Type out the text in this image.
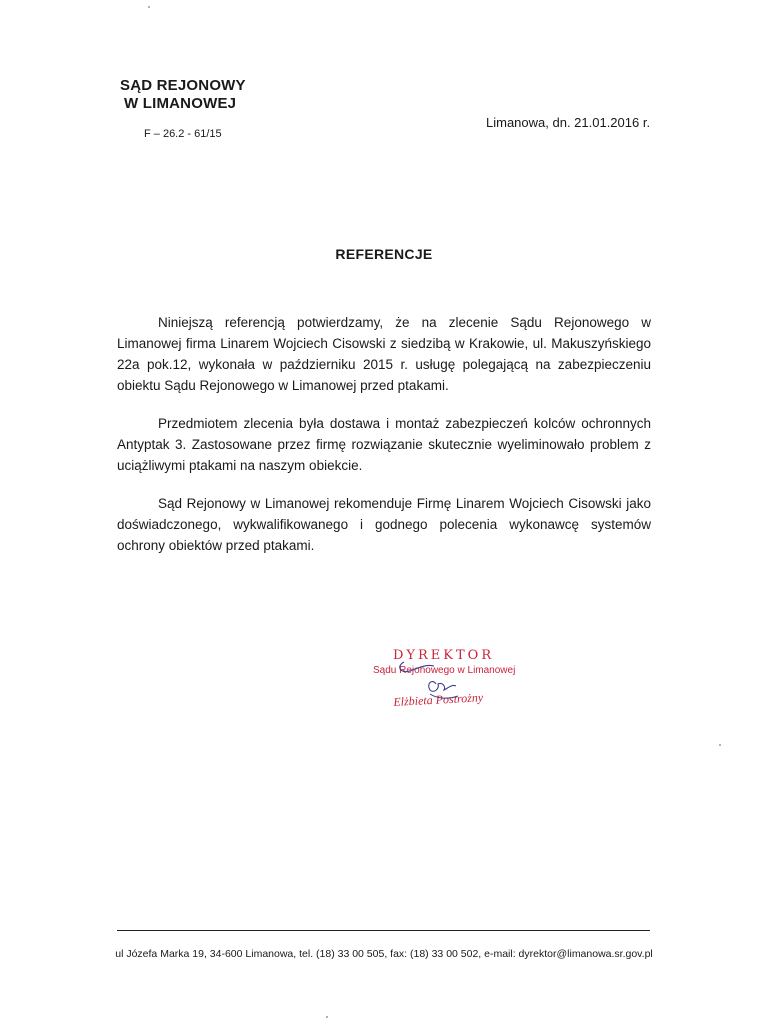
SĄD REJONOWY
W LIMANOWEJ
F – 26.2 - 61/15
Limanowa, dn. 21.01.2016 r.
REFERENCJE

Niniejszą referencją potwierdzamy, że na zlecenie Sądu Rejonowego w Limanowej firma Linarem Wojciech Cisowski z siedzibą w Krakowie, ul. Makuszyńskiego 22a pok.12, wykonała w październiku 2015 r. usługę polegającą na zabezpieczeniu obiektu Sądu Rejonowego w Limanowej przed ptakami.

Przedmiotem zlecenia była dostawa i montaż zabezpieczeń kolców ochronnych Antyptak 3. Zastosowane przez firmę rozwiązanie skutecznie wyeliminowało problem z uciążliwymi ptakami na naszym obiekcie.

Sąd Rejonowy w Limanowej rekomenduje Firmę Linarem Wojciech Cisowski jako doświadczonego, wykwalifikowanego i godnego polecenia wykonawcę systemów ochrony obiektów przed ptakami.

DYREKTOR
Sądu Rejonowego w Limanowej
Elżbieta Postrożny
ul Józefa Marka 19, 34-600 Limanowa, tel. (18) 33 00 505, fax: (18) 33 00 502, e-mail: dyrektor@limanowa.sr.gov.pl
